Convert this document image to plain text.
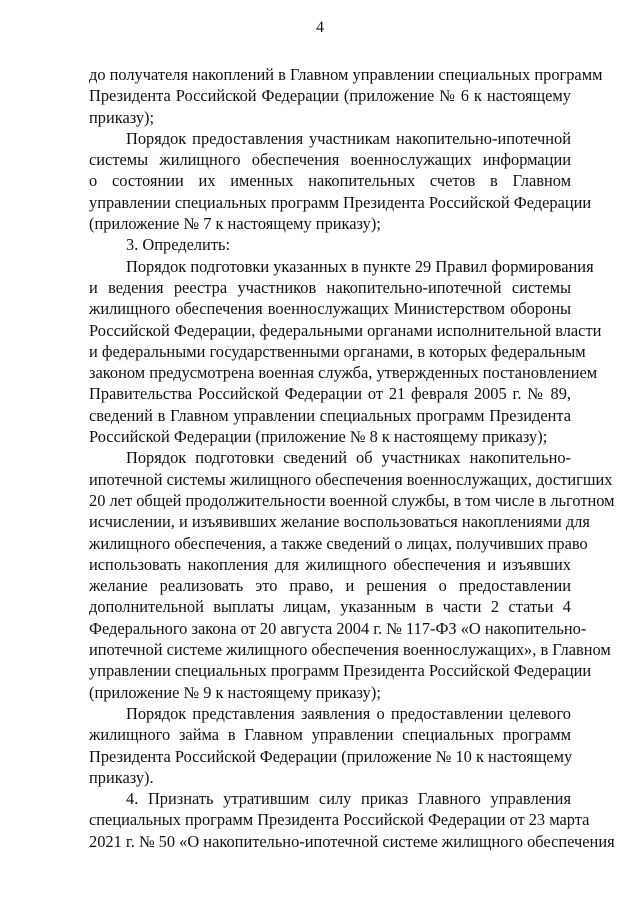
4

до получателя накоплений в Главном управлении специальных программ
Президента Российской Федерации (приложение № 6 к настоящему
приказу);

Порядок предоставления участникам накопительно-ипотечной
системы жилищного обеспечения военнослужащих информации
о состоянии их именных накопительных счетов в Главном
управлении специальных программ Президента Российской Федерации
(приложение № 7 к настоящему приказу);

3. Определить:

Порядок подготовки указанных в пункте 29 Правил формирования
и ведения реестра участников накопительно-ипотечной системы
жилищного обеспечения военнослужащих Министерством обороны
Российской Федерации, федеральными органами исполнительной власти
и федеральными государственными органами, в которых федеральным
законом предусмотрена военная служба, утвержденных постановлением
Правительства Российской Федерации от 21 февраля 2005 г. № 89,
сведений в Главном управлении специальных программ Президента
Российской Федерации (приложение № 8 к настоящему приказу);

Порядок подготовки сведений об участниках накопительно-
ипотечной системы жилищного обеспечения военнослужащих, достигших
20 лет общей продолжительности военной службы, в том числе в льготном
исчислении, и изъявивших желание воспользоваться накоплениями для
жилищного обеспечения, а также сведений о лицах, получивших право
использовать накопления для жилищного обеспечения и изъявших
желание реализовать это право, и решения о предоставлении
дополнительной выплаты лицам, указанным в части 2 статьи 4
Федерального закона от 20 августа 2004 г. № 117-ФЗ «О накопительно-
ипотечной системе жилищного обеспечения военнослужащих», в Главном
управлении специальных программ Президента Российской Федерации
(приложение № 9 к настоящему приказу);

Порядок представления заявления о предоставлении целевого
жилищного займа в Главном управлении специальных программ
Президента Российской Федерации (приложение № 10 к настоящему
приказу).

4. Признать утратившим силу приказ Главного управления
специальных программ Президента Российской Федерации от 23 марта
2021 г. № 50 «О накопительно-ипотечной системе жилищного обеспечения
